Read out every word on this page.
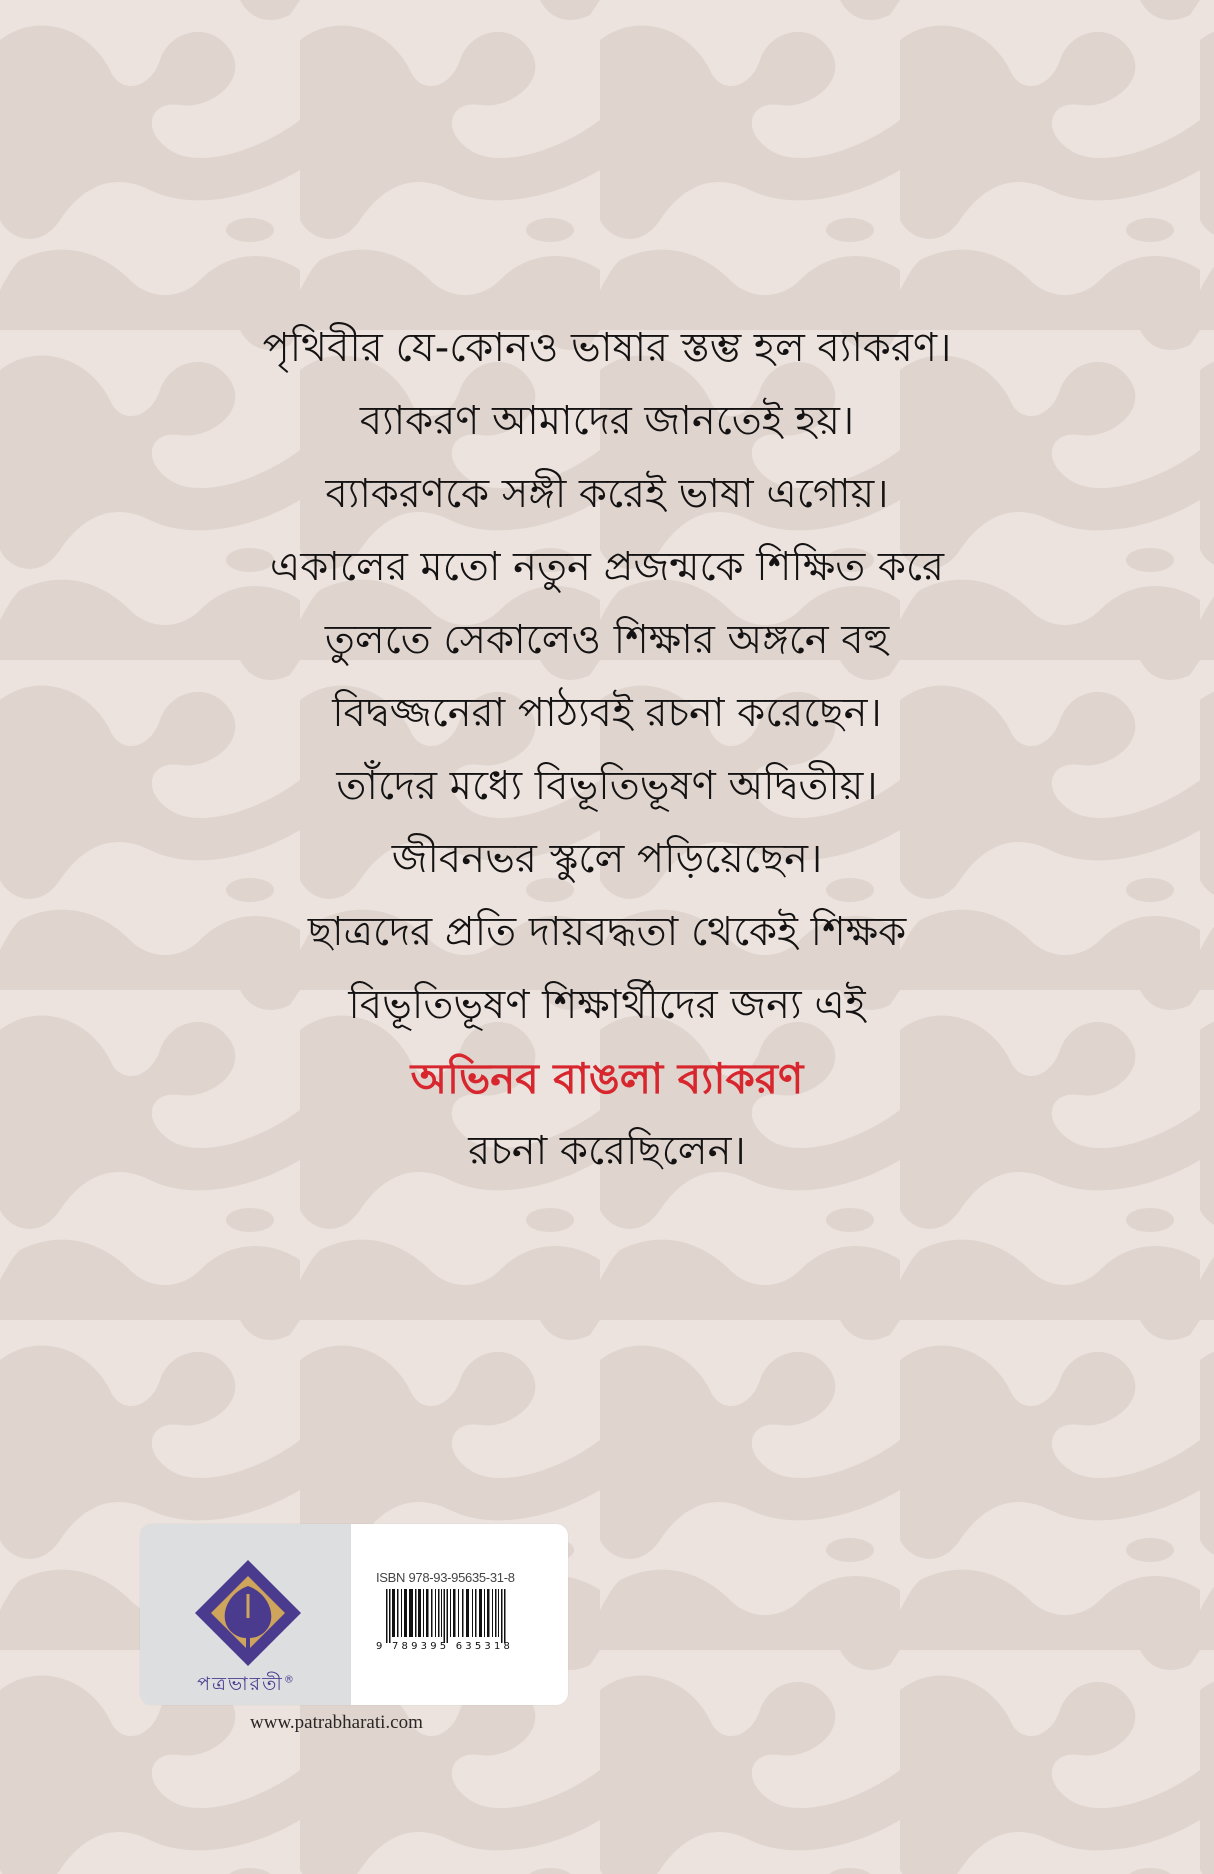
পৃথিবীর যে-কোনও ভাষার স্তম্ভ হল ব্যাকরণ।
ব্যাকরণ আমাদের জানতেই হয়।
ব্যাকরণকে সঙ্গী করেই ভাষা এগোয়।
একালের মতো নতুন প্রজন্মকে শিক্ষিত করে
তুলতে সেকালেও শিক্ষার অঙ্গনে বহু
বিদ্বজ্জনেরা পাঠ্যবই রচনা করেছেন।
তাঁদের মধ্যে বিভূতিভূষণ অদ্বিতীয়।
জীবনভর স্কুলে পড়িয়েছেন।
ছাত্রদের প্রতি দায়বদ্ধতা থেকেই শিক্ষক
বিভূতিভূষণ শিক্ষার্থীদের জন্য এই
অভিনব বাঙলা ব্যাকরণ
রচনা করেছিলেন।
পত্রভারতী®
ISBN 978-93-95635-31-8
9 789395 635318
www.patrabharati.com
